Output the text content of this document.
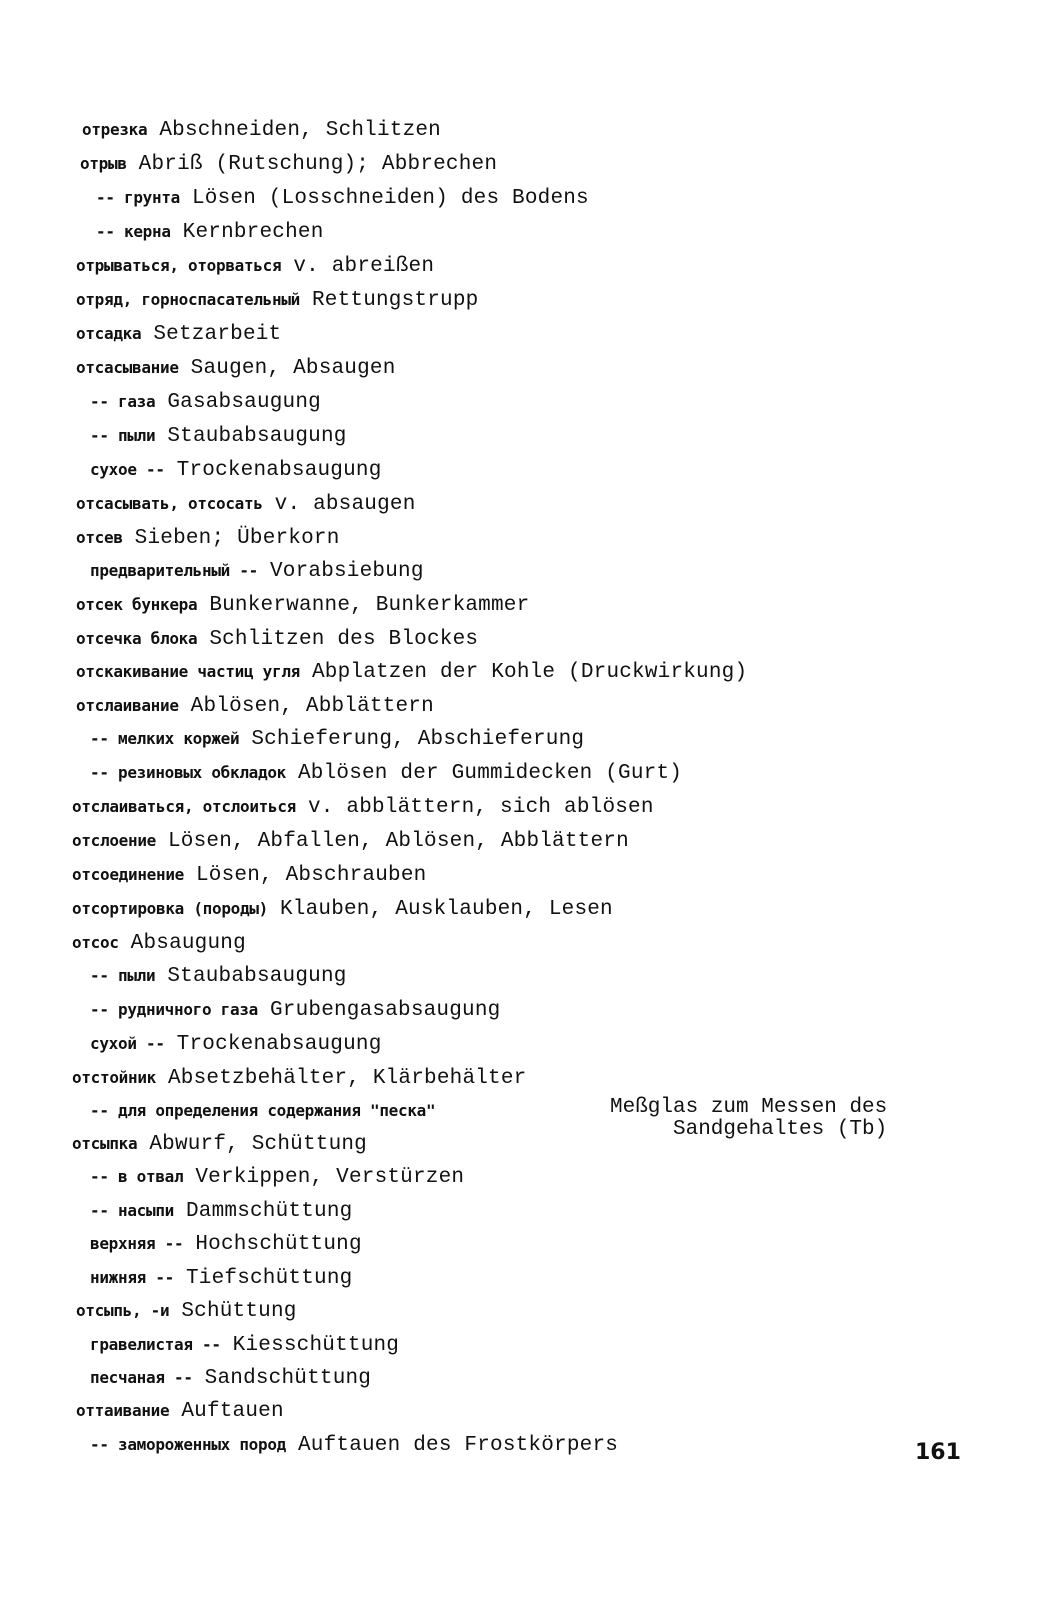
отрезка Abschneiden, Schlitzen
отрыв Abriß (Rutschung); Abbrechen
-- грунта Lösen (Losschneiden) des Bodens
-- керна Kernbrechen
отрываться, оторваться v. abreißen
отряд, горноспасательный Rettungstrupp
отсадка Setzarbeit
отсасывание Saugen, Absaugen
-- газа Gasabsaugung
-- пыли Staubabsaugung
сухое -- Trockenabsaugung
отсасывать, отсосать v. absaugen
отсев Sieben; Überkorn
предварительный -- Vorabsiebung
отсек бункера Bunkerwanne, Bunkerkammer
отсечка блока Schlitzen des Blockes
отскакивание частиц угля Abplatzen der Kohle (Druckwirkung)
отслаивание Ablösen, Abblättern
-- мелких коржей Schieferung, Abschieferung
-- резиновых обкладок Ablösen der Gummidecken (Gurt)
отслаиваться, отслоиться v. abblättern, sich ablösen
отслоение Lösen, Abfallen, Ablösen, Abblättern
отсоединение Lösen, Abschrauben
отсортировка (породы) Klauben, Ausklauben, Lesen
отсос Absaugung
-- пыли Staubabsaugung
-- рудничного газа Grubengasabsaugung
сухой -- Trockenabsaugung
отстойник Absetzbehälter, Klärbehälter
-- для определения содержания "песка"
отсыпка Abwurf, Schüttung
-- в отвал Verkippen, Verstürzen
-- насыпи Dammschüttung
верхняя -- Hochschüttung
нижняя -- Tiefschüttung
отсыпь, -и Schüttung
гравелистая -- Kiesschüttung
песчаная -- Sandschüttung
оттаивание Auftauen
-- замороженных пород Auftauen des Frostkörpers
Meßglas zum Messen des
Sandgehaltes (Tb)
161
